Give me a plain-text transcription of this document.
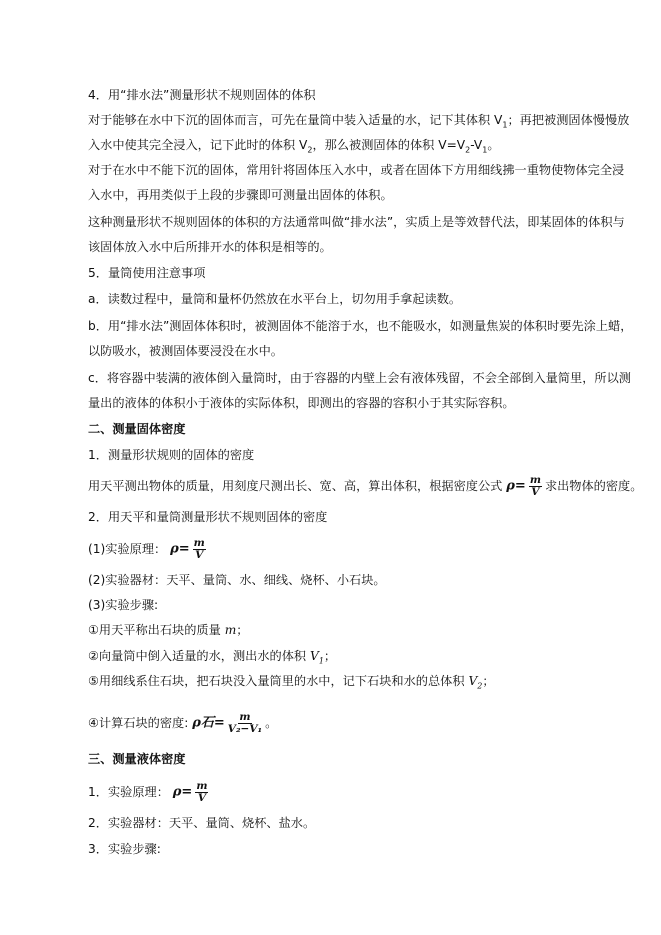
4．用“排水法”测量形状不规则固体的体积
对于能够在水中下沉的固体而言，可先在量筒中装入适量的水，记下其体积 $V_1$；再把被测固体慢慢放
入水中使其完全浸入，记下此时的体积 $V_2$，那么被测固体的体积 $V=V_2-V_1$。
对于在水中不能下沉的固体，常用针将固体压入水中，或者在固体下方用细线拂一重物使物体完全浸
入水中，再用类似于上段的步骤即可测量出固体的体积。
这种测量形状不规则固体的体积的方法通常叫做“排水法”，实质上是等效替代法，即某固体的体积与
该固体放入水中后所排开水的体积是相等的。
5．量筒使用注意事项
a．读数过程中，量筒和量杯仍然放在水平台上，切勿用手拿起读数。
b．用“排水法”测固体体积时，被测固体不能溶于水，也不能吸水，如测量焦炭的体积时要先涂上蜡，
以防吸水，被测固体要浸没在水中。
c．将容器中装满的液体倒入量筒时，由于容器的内壁上会有液体残留，不会全部倒入量简里，所以测
量出的液体的体积小于液体的实际体积，即测出的容器的容积小于其实际容积。
二、测量固体密度
1．测量形状规则的固体的密度
用天平测出物体的质量，用刻度尺测出长、宽、高，算出体积，根据密度公式 $\rho= \frac{m}{V}$ 求出物体的密度。
2．用天平和量筒测量形状不规则固体的密度
(1)实验原理： $\rho= \frac{m}{V}$
(2)实验器材：天平、量筒、水、细线、烧杯、小石块。
(3)实验步骤:
①用天平称出石块的质量 m；
②向量筒中倒入适量的水，测出水的体积 $V_1$；
⑤用细线系住石块，把石块没入量筒里的水中，记下石块和水的总体积 $V_2$；
④计算石块的密度: ρ石= $\frac{m}{\text{V₂−V₁}}$ 。
三、测量液体密度
1．实验原理： $\rho= \frac{m}{V}$
2．实验器材：天平、量筒、烧杯、盐水。
3．实验步骤:
